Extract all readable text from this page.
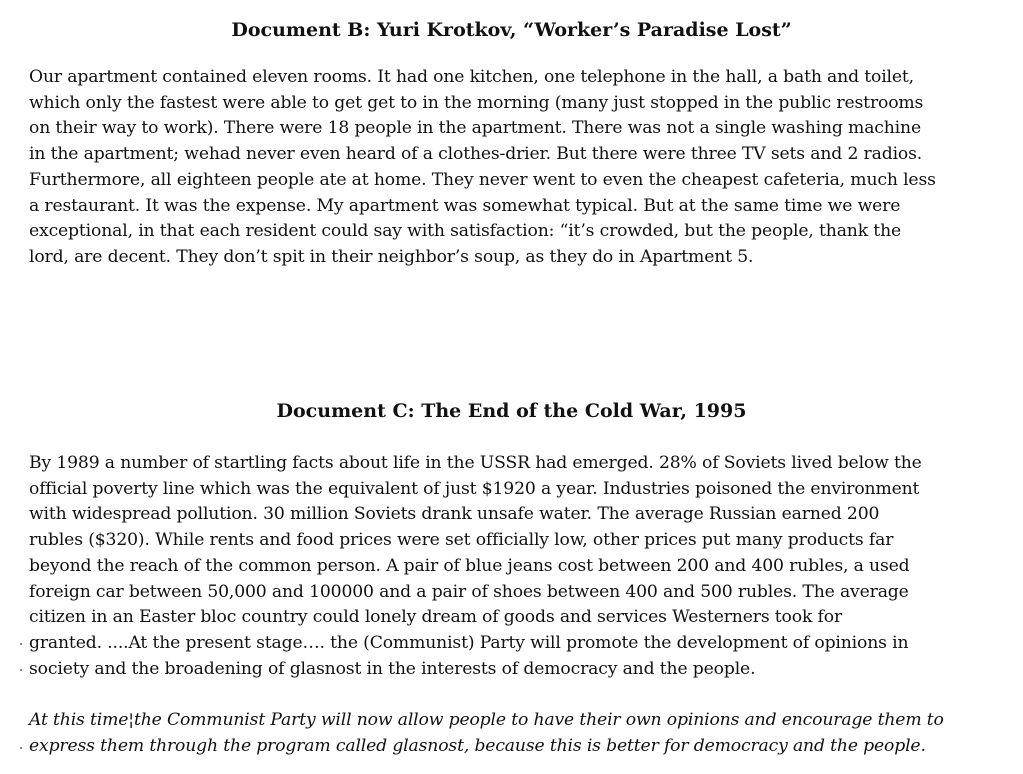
Document B: Yuri Krotkov, “Worker’s Paradise Lost”
Our apartment contained eleven rooms. It had one kitchen, one telephone in the hall, a bath and toilet,
which only the fastest were able to get get to in the morning (many just stopped in the public restrooms
on their way to work). There were 18 people in the apartment. There was not a single washing machine
in the apartment; wehad never even heard of a clothes-drier. But there were three TV sets and 2 radios.
Furthermore, all eighteen people ate at home. They never went to even the cheapest cafeteria, much less
a restaurant. It was the expense. My apartment was somewhat typical. But at the same time we were
exceptional, in that each resident could say with satisfaction: “it’s crowded, but the people, thank the
lord, are decent. They don’t spit in their neighbor’s soup, as they do in Apartment 5.
Document C: The End of the Cold War, 1995
By 1989 a number of startling facts about life in the USSR had emerged. 28% of Soviets lived below the
official poverty line which was the equivalent of just $1920 a year. Industries poisoned the environment
with widespread pollution. 30 million Soviets drank unsafe water. The average Russian earned 200
rubles ($320). While rents and food prices were set officially low, other prices put many products far
beyond the reach of the common person. A pair of blue jeans cost between 200 and 400 rubles, a used
foreign car between 50,000 and 100000 and a pair of shoes between 400 and 500 rubles. The average
citizen in an Easter bloc country could lonely dream of goods and services Westerners took for
granted. ....At the present stage…. the (Communist) Party will promote the development of opinions in
society and the broadening of glasnost in the interests of democracy and the people.
At this time¦the Communist Party will now allow people to have their own opinions and encourage them to
express them through the program called glasnost, because this is better for democracy and the people.
